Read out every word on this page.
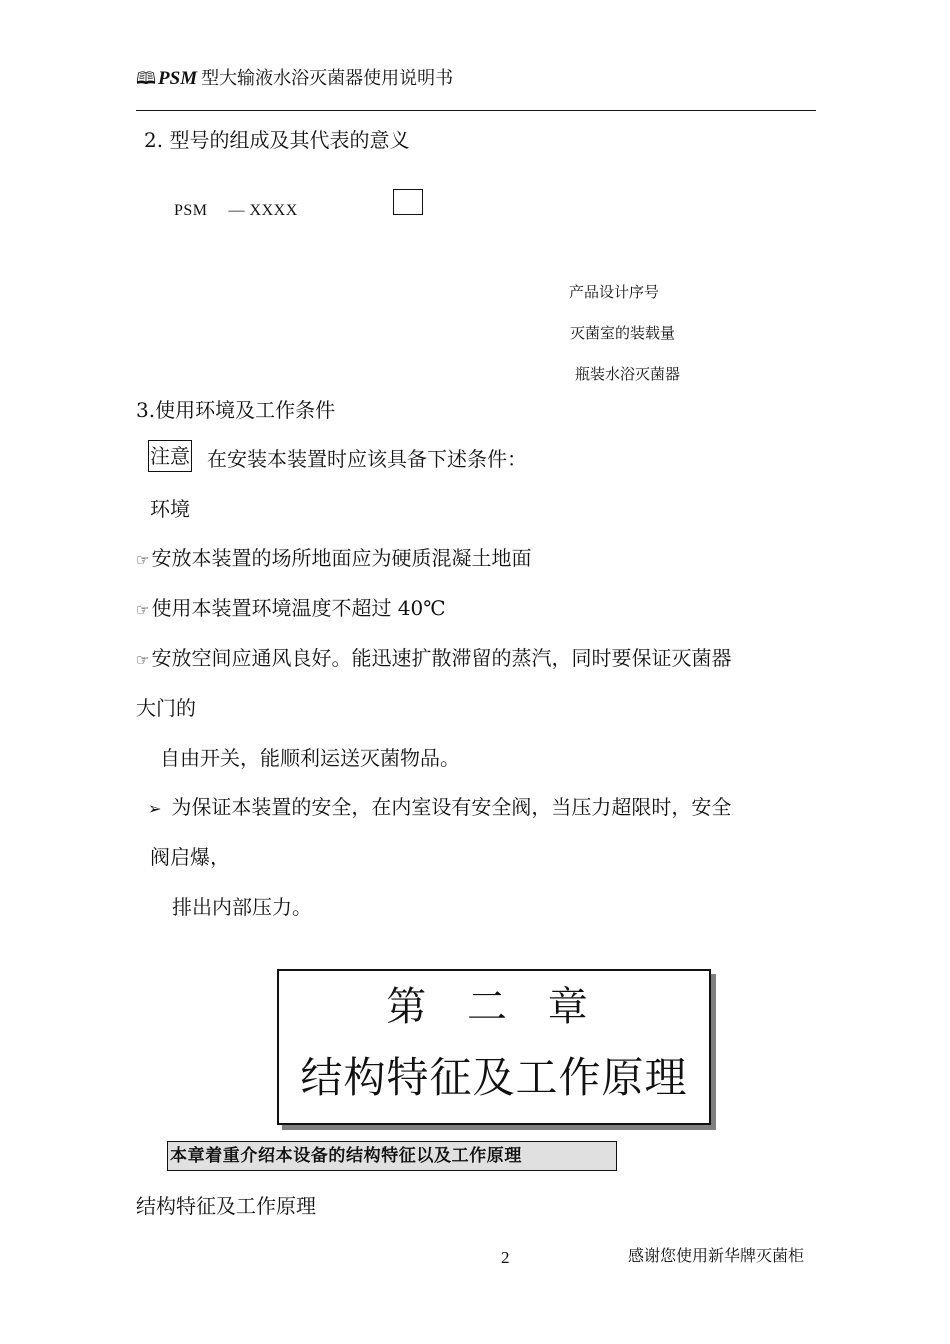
🕮 PSM 型大输液水浴灭菌器使用说明书
2. 型号的组成及其代表的意义
PSM　 — XXXX
产品设计序号
灭菌室的装载量
瓶装水浴灭菌器
3.使用环境及工作条件
注意 在安装本装置时应该具备下述条件：
环境
☞ 安放本装置的场所地面应为硬质混凝土地面
☞ 使用本装置环境温度不超过 40℃
☞ 安放空间应通风良好。能迅速扩散滞留的蒸汽，同时要保证灭菌器
大门的
自由开关，能顺利运送灭菌物品。
➢ 为保证本装置的安全，在内室设有安全阀，当压力超限时，安全
阀启爆，
排出内部压力。
第 二 章
结构特征及工作原理
本章着重介绍本设备的结构特征以及工作原理
结构特征及工作原理
2	感谢您使用新华牌灭菌柜
